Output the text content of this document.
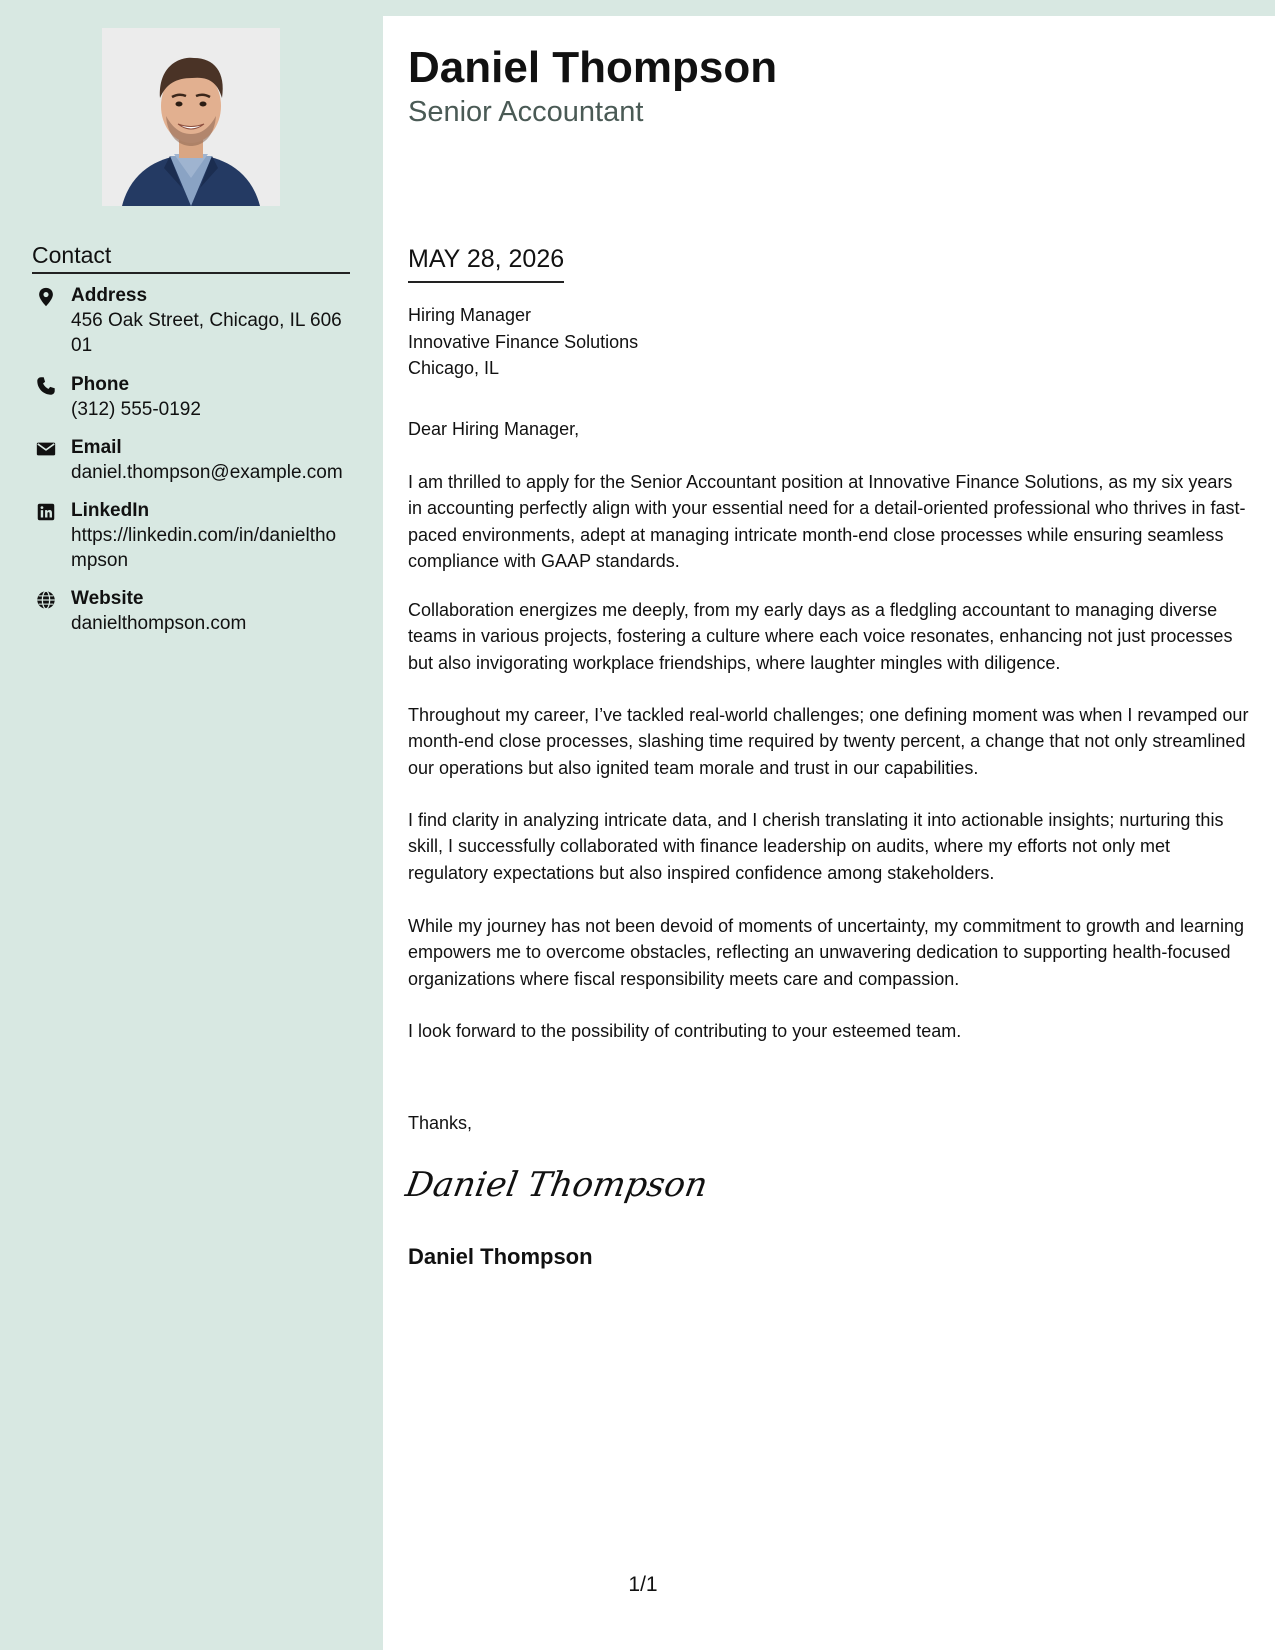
Contact
Address
456 Oak Street, Chicago, IL 60601
Phone
(312) 555-0192
Email
daniel.thompson@example.com
LinkedIn
https://linkedin.com/in/danielthompson
Website
danielthompson.com
Daniel Thompson
Senior Accountant
MAY 28, 2026
Hiring Manager
Innovative Finance Solutions
Chicago, IL
Dear Hiring Manager,

I am thrilled to apply for the Senior Accountant position at Innovative Finance Solutions, as my six years in accounting perfectly align with your essential need for a detail-oriented professional who thrives in fast-paced environments, adept at managing intricate month-end close processes while ensuring seamless compliance with GAAP standards.

Collaboration energizes me deeply, from my early days as a fledgling accountant to managing diverse teams in various projects, fostering a culture where each voice resonates, enhancing not just processes but also invigorating workplace friendships, where laughter mingles with diligence.

Throughout my career, I’ve tackled real-world challenges; one defining moment was when I revamped our month-end close processes, slashing time required by twenty percent, a change that not only streamlined our operations but also ignited team morale and trust in our capabilities.

I find clarity in analyzing intricate data, and I cherish translating it into actionable insights; nurturing this skill, I successfully collaborated with finance leadership on audits, where my efforts not only met regulatory expectations but also inspired confidence among stakeholders.

While my journey has not been devoid of moments of uncertainty, my commitment to growth and learning empowers me to overcome obstacles, reflecting an unwavering dedication to supporting health-focused organizations where fiscal responsibility meets care and compassion.

I look forward to the possibility of contributing to your esteemed team.

Thanks,
Daniel Thompson
Daniel Thompson
1/1
